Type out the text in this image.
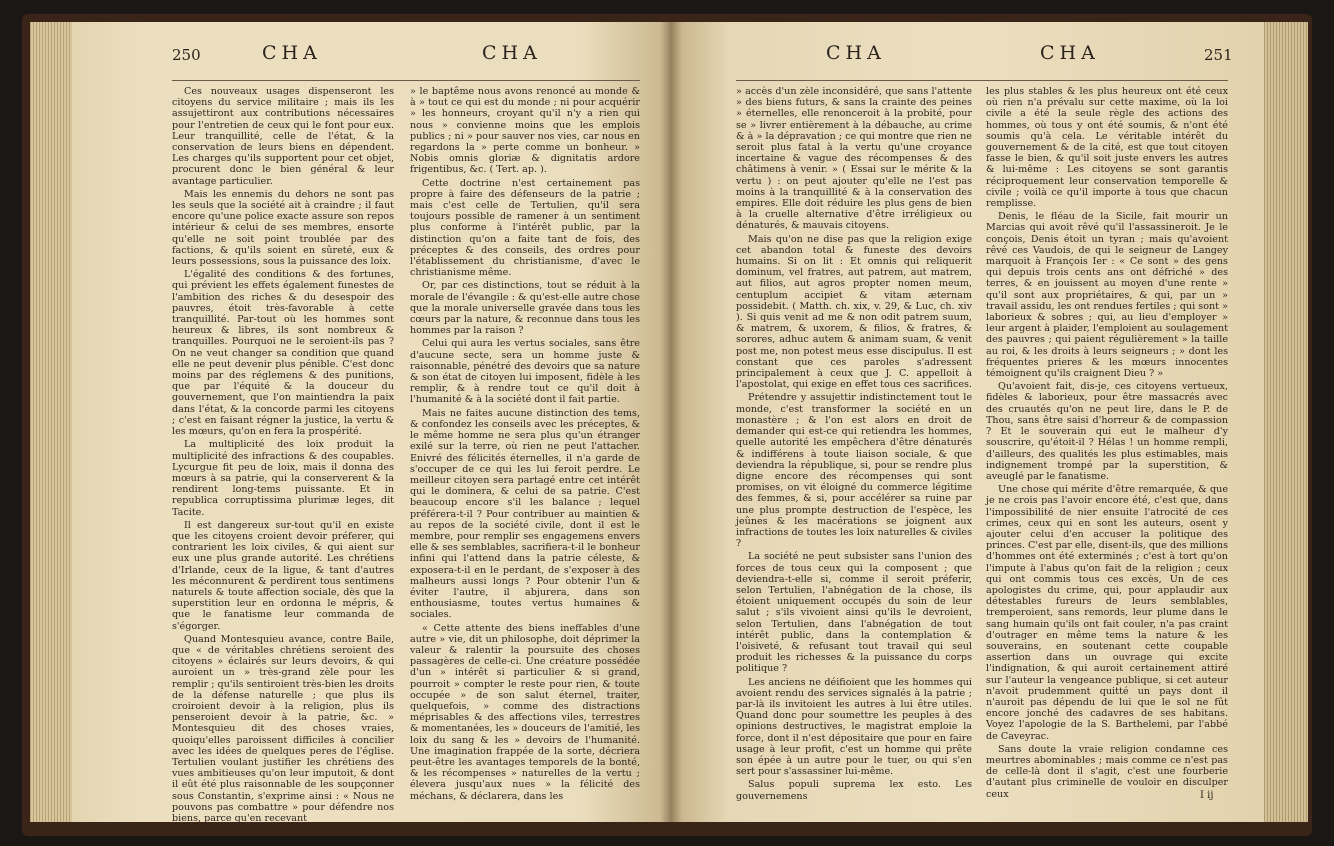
250	CHA	CHA	CHA	CHA	251

Ces nouveaux usages dispenseront les citoyens du service militaire ; mais ils les assujettiront aux contributions nécessaires pour l'entretien de ceux qui le font pour eux. Leur tranquillité, celle de l'état, & la conservation de leurs biens en dépendent. Les charges qu'ils supportent pour cet objet, procurent donc le bien général & leur avantage particulier.

Mais les ennemis du dehors ne sont pas les seuls que la société ait à craindre ; il faut encore qu'une police exacte assure son repos intérieur & celui de ses membres, ensorte qu'elle ne soit point troublée par des factions, & qu'ils soient en sûreté, eux & leurs possessions, sous la puissance des loix.

L'égalité des conditions & des fortunes, qui prévient les effets également funestes de l'ambition des riches & du desespoir des pauvres, étoit très-favorable à cette tranquillité. Par-tout où les hommes sont heureux & libres, ils sont nombreux & tranquilles. Pourquoi ne le seroient-ils pas ? On ne veut changer sa condition que quand elle ne peut devenir plus pénible. C'est donc moins par des réglemens & des punitions, que par l'équité & la douceur du gouvernement, que l'on maintiendra la paix dans l'état, & la concorde parmi les citoyens ; c'est en faisant régner la justice, la vertu & les mœurs, qu'on en fera la prospérité.

La multiplicité des loix produit la multiplicité des infractions & des coupables. Lycurgue fit peu de loix, mais il donna des mœurs à sa patrie, qui la conserverent & la rendirent long-tems puissante. Et in republica corruptissima plurimæ leges, dit Tacite.

Il est dangereux sur-tout qu'il en existe que les citoyens croient devoir préferer, qui contrarient les loix civiles, & qui aient sur eux une plus grande autorité. Les chrétiens d'Irlande, ceux de la ligue, & tant d'autres les méconnurent & perdirent tous sentimens naturels & toute affection sociale, dès que la superstition leur en ordonna le mépris, & que le fanatisme leur commanda de s'égorger.

Quand Montesquieu avance, contre Baile, que « de véritables chrétiens seroient des citoyens » éclairés sur leurs devoirs, & qui auroient un » très-grand zèle pour les remplir ; qu'ils sentiroient très-bien les droits de la défense naturelle ; que plus ils croiroient devoir à la religion, plus ils penseroient devoir à la patrie, &c. » Montesquieu dit des choses vraies, quoiqu'elles paroissent difficiles à concilier avec les idées de quelques peres de l'église. Tertulien voulant justifier les chrétiens des vues ambitieuses qu'on leur imputoit, & dont il eût été plus raisonnable de les soupçonner sous Constantin, s'exprime ainsi : « Nous ne pouvons pas combattre » pour défendre nos biens, parce qu'en recevant

» le baptême nous avons renoncé au monde & à » tout ce qui est du monde ; ni pour acquérir » les honneurs, croyant qu'il n'y a rien qui nous » convienne moins que les emplois publics ; ni » pour sauver nos vies, car nous en regardons la » perte comme un bonheur. » Nobis omnis gloriæ & dignitatis ardore frigentibus, &c. ( Tert. ap. ).

Cette doctrine n'est certainement pas propre à faire des défenseurs de la patrie ; mais c'est celle de Tertulien, qu'il sera toujours possible de ramener à un sentiment plus conforme à l'intérêt public, par la distinction qu'on a faite tant de fois, des préceptes & des conseils, des ordres pour l'établissement du christianisme, d'avec le christianisme même.

Or, par ces distinctions, tout se réduit à la morale de l'évangile : & qu'est-elle autre chose que la morale universelle gravée dans tous les cœurs par la nature, & reconnue dans tous les hommes par la raison ?

Celui qui aura les vertus sociales, sans être d'aucune secte, sera un homme juste & raisonnable, pénétré des devoirs que sa nature & son état de citoyen lui imposent, fidèle à les remplir, & à rendre tout ce qu'il doit à l'humanité & à la société dont il fait partie.

Mais ne faites aucune distinction des tems, & confondez les conseils avec les préceptes, & le même homme ne sera plus qu'un étranger exilé sur la terre, où rien ne peut l'attacher. Enivré des félicités éternelles, il n'a garde de s'occuper de ce qui les lui feroit perdre. Le meilleur citoyen sera partagé entre cet intérêt qui le dominera, & celui de sa patrie. C'est beaucoup encore s'il les balance ; lequel préférera-t-il ? Pour contribuer au maintien & au repos de la société civile, dont il est le membre, pour remplir ses engagemens envers elle & ses semblables, sacrifiera-t-il le bonheur infini qui l'attend dans la patrie céleste, & exposera-t-il en le perdant, de s'exposer à des malheurs aussi longs ? Pour obtenir l'un & éviter l'autre, il abjurera, dans son enthousiasme, toutes vertus humaines & sociales.

« Cette attente des biens ineffables d'une autre » vie, dit un philosophe, doit déprimer la valeur & ralentir la poursuite des choses passagères de celle-ci. Une créature possédée d'un » intérêt si particulier & si grand, pourroit » compter le reste pour rien, & toute occupée » de son salut éternel, traiter, quelquefois, » comme des distractions méprisables & des affections viles, terrestres & momentanées, les » douceurs de l'amitié, les loix du sang & les » devoirs de l'humanité. Une imagination frappée de la sorte, décriera peut-être les avantages temporels de la bonté, & les récompenses » naturelles de la vertu ; élevera jusqu'aux nues » la félicité des méchans, & déclarera, dans les

» accès d'un zèle inconsidéré, que sans l'attente » des biens futurs, & sans la crainte des peines » éternelles, elle renonceroit à la probité, pour se » livrer entièrement à la débauche, au crime & à » la dépravation ; ce qui montre que rien ne seroit plus fatal à la vertu qu'une croyance incertaine & vague des récompenses & des châtimens à venir. » ( Essai sur le mérite & la vertu ) : on peut ajouter qu'elle ne l'est pas moins à la tranquillité & à la conservation des empires. Elle doit réduire les plus gens de bien à la cruelle alternative d'être irréligieux ou dénaturés, & mauvais citoyens.

Mais qu'on ne dise pas que la religion exige cet abandon total & funeste des devoirs humains. Si on lit : Et omnis qui reliquerit dominum, vel fratres, aut patrem, aut matrem, aut filios, aut agros propter nomen meum, centuplum accipiet & vitam æternam possidebit. ( Matth. ch. xix, v. 29, & Luc, ch. xiv ). Si quis venit ad me & non odit patrem suum, & matrem, & uxorem, & filios, & fratres, & sorores, adhuc autem & animam suam, & venit post me, non potest meus esse discipulus. Il est constant que ces paroles s'adressent principalement à ceux que J. C. appelloit à l'apostolat, qui exige en effet tous ces sacrifices.

Prétendre y assujettir indistinctement tout le monde, c'est transformer la société en un monastère ; & l'on est alors en droit de demander qui est-ce qui retiendra les hommes, quelle autorité les empêchera d'être dénaturés & indifférens à toute liaison sociale, & que deviendra la république, si, pour se rendre plus digne encore des récompenses qui sont promises, on vit éloigné du commerce légitime des femmes, & si, pour accélérer sa ruine par une plus prompte destruction de l'espèce, les jeûnes & les macérations se joignent aux infractions de toutes les loix naturelles & civiles ?

La société ne peut subsister sans l'union des forces de tous ceux qui la composent ; que deviendra-t-elle si, comme il seroit préferir, selon Tertulien, l'abnégation de la chose, ils étoient uniquement occupés du soin de leur salut ; s'ils vivoient ainsi qu'ils le devroient, selon Tertulien, dans l'abnégation de tout intérêt public, dans la contemplation & l'oisiveté, & refusant tout travail qui seul produit les richesses & la puissance du corps politique ?

Les anciens ne déifioient que les hommes qui avoient rendu des services signalés à la patrie ; par-là ils invitoient les autres à lui être utiles. Quand donc pour soumettre les peuples à des opinions destructives, le magistrat emploie la force, dont il n'est dépositaire que pour en faire usage à leur profit, c'est un homme qui prête son épée à un autre pour le tuer, ou qui s'en sert pour s'assassiner lui-même.

Salus populi suprema lex esto. Les gouvernemens

les plus stables & les plus heureux ont été ceux où rien n'a prévalu sur cette maxime, où la loi civile a été la seule règle des actions des hommes, où tous y ont été soumis, & n'ont été soumis qu'à cela. Le véritable intérêt du gouvernement & de la cité, est que tout citoyen fasse le bien, & qu'il soit juste envers les autres & lui-même : Les citoyens se sont garantis réciproquement leur conservation temporelle & civile ; voilà ce qu'il importe à tous que chacun remplisse.

Denis, le fléau de la Sicile, fait mourir un Marcias qui avoit rêvé qu'il l'assassineroit. Je le conçois, Denis étoit un tyran ; mais qu'avoient rêvé ces Vaudois, de qui le seigneur de Langey marquoit à François Ier : « Ce sont » des gens qui depuis trois cents ans ont défriché » des terres, & en jouissent au moyen d'une rente » qu'il sont aux propriétaires, & qui, par un » travail assidu, les ont rendues fertiles ; qui sont » laborieux & sobres ; qui, au lieu d'employer » leur argent à plaider, l'emploient au soulagement des pauvres ; qui paient régulièrement » la taille au roi, & les droits à leurs seigneurs ; » dont les fréquentes prieres & les mœurs innocentes témoignent qu'ils craignent Dieu ? »

Qu'avoient fait, dis-je, ces citoyens vertueux, fidèles & laborieux, pour être massacrés avec des cruautés qu'on ne peut lire, dans le P. de Thou, sans être saisi d'horreur & de compassion ? Et le souverain qui eut le malheur d'y souscrire, qu'étoit-il ? Hélas ! un homme rempli, d'ailleurs, des qualités les plus estimables, mais indignement trompé par la superstition, & aveuglé par le fanatisme.

Une chose qui mérite d'être remarquée, & que je ne crois pas l'avoir encore été, c'est que, dans l'impossibilité de nier ensuite l'atrocité de ces crimes, ceux qui en sont les auteurs, osent y ajouter celui d'en accuser la politique des princes. C'est par elle, disent-ils, que des millions d'hommes ont été exterminés ; c'est à tort qu'on l'impute à l'abus qu'on fait de la religion ; ceux qui ont commis tous ces excès, Un de ces apologistes du crime, qui, pour applaudir aux détestables fureurs de leurs semblables, tremperoient, sans remords, leur plume dans le sang humain qu'ils ont fait couler, n'a pas craint d'outrager en même tems la nature & les souverains, en soutenant cette coupable assertion dans un ouvrage qui excite l'indignation, & qui auroit certainement attiré sur l'auteur la vengeance publique, si cet auteur n'avoit prudemment quitté un pays dont il n'auroit pas dépendu de lui que le sol ne fût encore jonché des cadavres de ses habitans. Voyez l'apologie de la S. Barthelemi, par l'abbé de Caveyrac.

Sans doute la vraie religion condamne ces meurtres abominables ; mais comme ce n'est pas de celle-là dont il s'agit, c'est une fourberie d'autant plus criminelle de vouloir en disculper ceux	I ij
